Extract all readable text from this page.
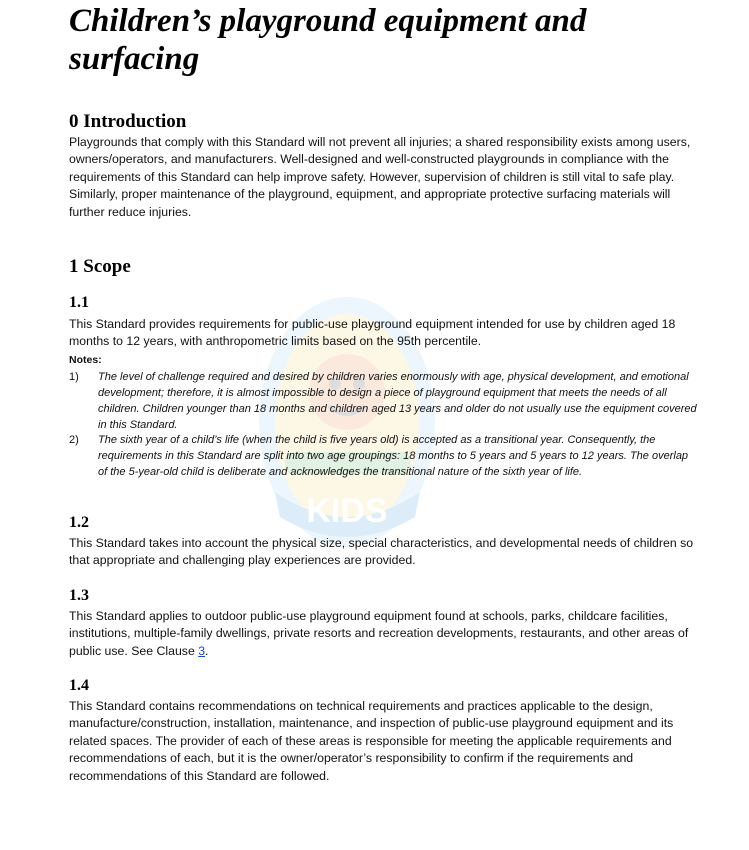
KIDS
Children’s playground equipment and surfacing
0 Introduction

Playgrounds that comply with this Standard will not prevent all injuries; a shared responsibility exists among users, owners/operators, and manufacturers. Well-designed and well-constructed playgrounds in compliance with the requirements of this Standard can help improve safety. However, supervision of children is still vital to safe play. Similarly, proper maintenance of the playground, equipment, and appropriate protective surfacing materials will further reduce injuries.

1 Scope
1.1

This Standard provides requirements for public-use playground equipment intended for use by children aged 18 months to 12 years, with anthropometric limits based on the 95th percentile.

Notes:

1) The level of challenge required and desired by children varies enormously with age, physical development, and emotional development; therefore, it is almost impossible to design a piece of playground equipment that meets the needs of all children. Children younger than 18 months and children aged 13 years and older do not usually use the equipment covered in this Standard.
2) The sixth year of a child’s life (when the child is five years old) is accepted as a transitional year. Consequently, the requirements in this Standard are split into two age groupings: 18 months to 5 years and 5 years to 12 years. The overlap of the 5-year-old child is deliberate and acknowledges the transitional nature of the sixth year of life.
1.2

This Standard takes into account the physical size, special characteristics, and developmental needs of children so that appropriate and challenging play experiences are provided.

1.3

This Standard applies to outdoor public-use playground equipment found at schools, parks, childcare facilities, institutions, multiple-family dwellings, private resorts and recreation developments, restaurants, and other areas of public use. See Clause 3.

1.4

This Standard contains recommendations on technical requirements and practices applicable to the design, manufacture/construction, installation, maintenance, and inspection of public-use playground equipment and its related spaces. The provider of each of these areas is responsible for meeting the applicable requirements and recommendations of each, but it is the owner/operator’s responsibility to confirm if the requirements and recommendations of this Standard are followed.
